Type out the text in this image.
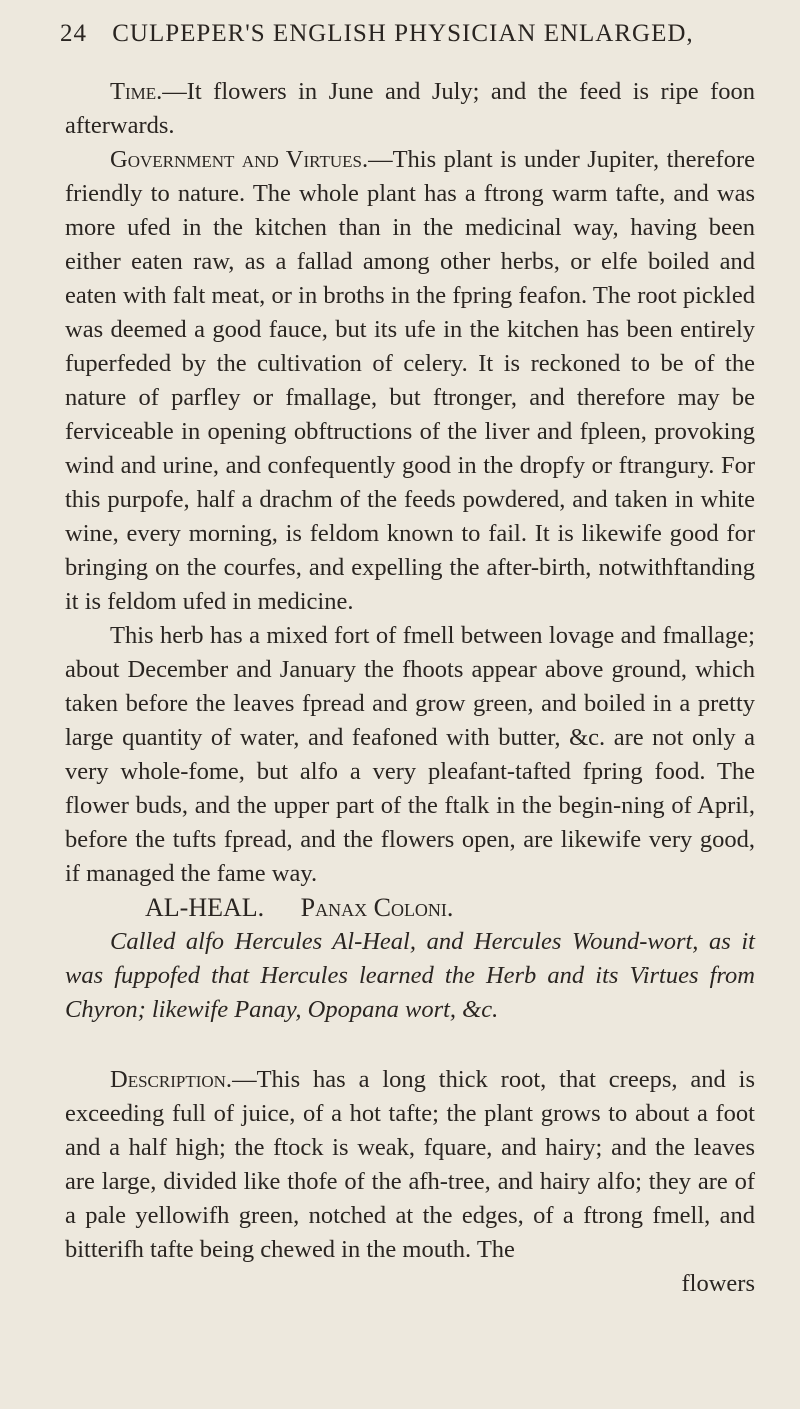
24 CULPEPER'S ENGLISH PHYSICIAN ENLARGED,

Time.—It flowers in June and July; and the feed is ripe foon afterwards.

Government and Virtues.—This plant is under Jupiter, therefore friendly to nature. The whole plant has a ftrong warm tafte, and was more ufed in the kitchen than in the medicinal way, having been either eaten raw, as a fallad among other herbs, or elfe boiled and eaten with falt meat, or in broths in the fpring feafon. The root pickled was deemed a good fauce, but its ufe in the kitchen has been entirely fuperfeded by the cultivation of celery. It is reckoned to be of the nature of parfley or fmallage, but ftronger, and therefore may be ferviceable in opening obftructions of the liver and fpleen, provoking wind and urine, and confequently good in the dropfy or ftrangury. For this purpofe, half a drachm of the feeds powdered, and taken in white wine, every morning, is feldom known to fail. It is likewife good for bringing on the courfes, and expelling the after-birth, notwithftanding it is feldom ufed in medicine.

This herb has a mixed fort of fmell between lovage and fmallage; about December and January the fhoots appear above ground, which taken before the leaves fpread and grow green, and boiled in a pretty large quantity of water, and feafoned with butter, &c. are not only a very whole-fome, but alfo a very pleafant-tafted fpring food. The flower buds, and the upper part of the ftalk in the begin-ning of April, before the tufts fpread, and the flowers open, are likewife very good, if managed the fame way.

AL-HEAL. Panax Coloni.

Called alfo Hercules Al-Heal, and Hercules Wound-wort, as it was fuppofed that Hercules learned the Herb and its Virtues from Chyron; likewife Panay, Opopana wort, &c.

Description.—This has a long thick root, that creeps, and is exceeding full of juice, of a hot tafte; the plant grows to about a foot and a half high; the ftock is weak, fquare, and hairy; and the leaves are large, divided like thofe of the afh-tree, and hairy alfo; they are of a pale yellowifh green, notched at the edges, of a ftrong fmell, and bitterifh tafte being chewed in the mouth. The

flowers
